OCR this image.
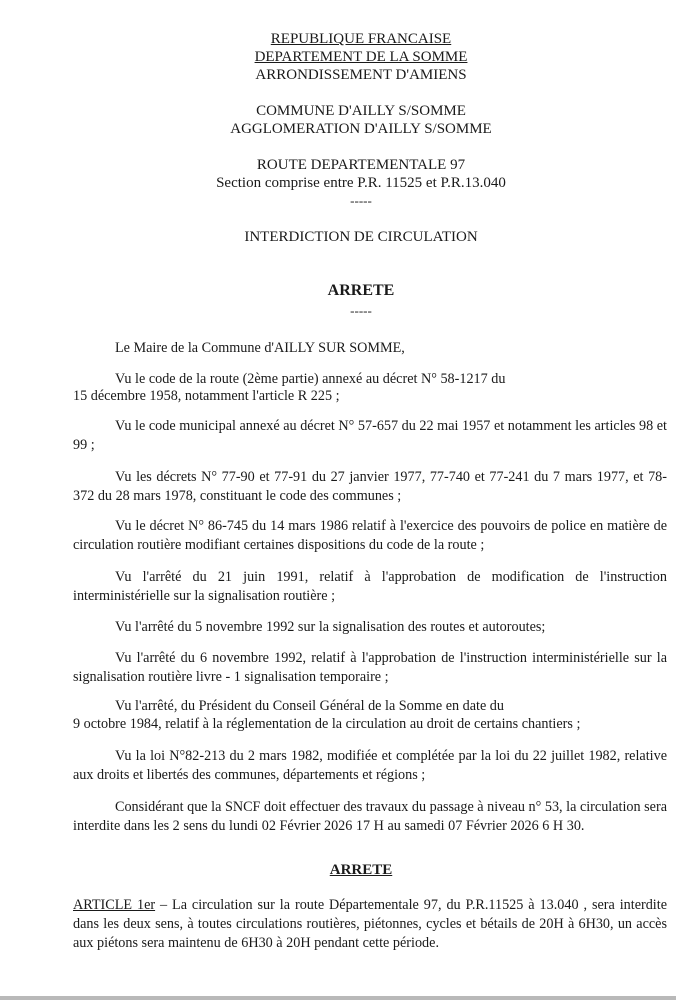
REPUBLIQUE FRANCAISE
DEPARTEMENT DE LA SOMME
ARRONDISSEMENT D'AMIENS
COMMUNE D'AILLY S/SOMME
AGGLOMERATION D'AILLY S/SOMME
ROUTE DEPARTEMENTALE 97
Section comprise entre P.R. 11525 et P.R.13.040
-----
INTERDICTION DE CIRCULATION
ARRETE
-----
Le Maire de la Commune d'AILLY SUR SOMME,
Vu le code de la route (2ème partie) annexé au décret N° 58-1217 du
15 décembre 1958, notamment l'article R 225 ;
Vu le code municipal annexé au décret N° 57-657 du 22 mai 1957 et notamment les articles 98 et 99 ;
Vu les décrets N° 77-90 et 77-91 du 27 janvier 1977, 77-740 et 77-241 du 7 mars 1977, et 78-372 du 28 mars 1978, constituant le code des communes ;
Vu le décret N° 86-745 du 14 mars 1986 relatif à l'exercice des pouvoirs de police en matière de circulation routière modifiant certaines dispositions du code de la route ;
Vu l'arrêté du 21 juin 1991, relatif à l'approbation de modification de l'instruction interministérielle sur la signalisation routière ;
Vu l'arrêté du 5 novembre 1992 sur la signalisation des routes et autoroutes;
Vu l'arrêté du 6 novembre 1992, relatif à l'approbation de l'instruction interministérielle sur la signalisation routière livre - 1 signalisation temporaire ;
Vu l'arrêté, du Président du Conseil Général de la Somme en date du
9 octobre 1984, relatif à la réglementation de la circulation au droit de certains chantiers ;
Vu la loi N°82-213 du 2 mars 1982, modifiée et complétée par la loi du 22 juillet 1982, relative aux droits et libertés des communes, départements et régions ;
Considérant que la SNCF doit effectuer des travaux du passage à niveau n° 53, la circulation sera interdite dans les 2 sens du lundi 02 Février 2026 17 H au samedi 07 Février 2026 6 H 30.
ARRETE
ARTICLE 1er – La circulation sur la route Départementale 97, du P.R.11525 à 13.040 , sera interdite dans les deux sens, à toutes circulations routières, piétonnes, cycles et bétails de 20H à 6H30, un accès aux piétons sera maintenu de 6H30 à 20H pendant cette période.
